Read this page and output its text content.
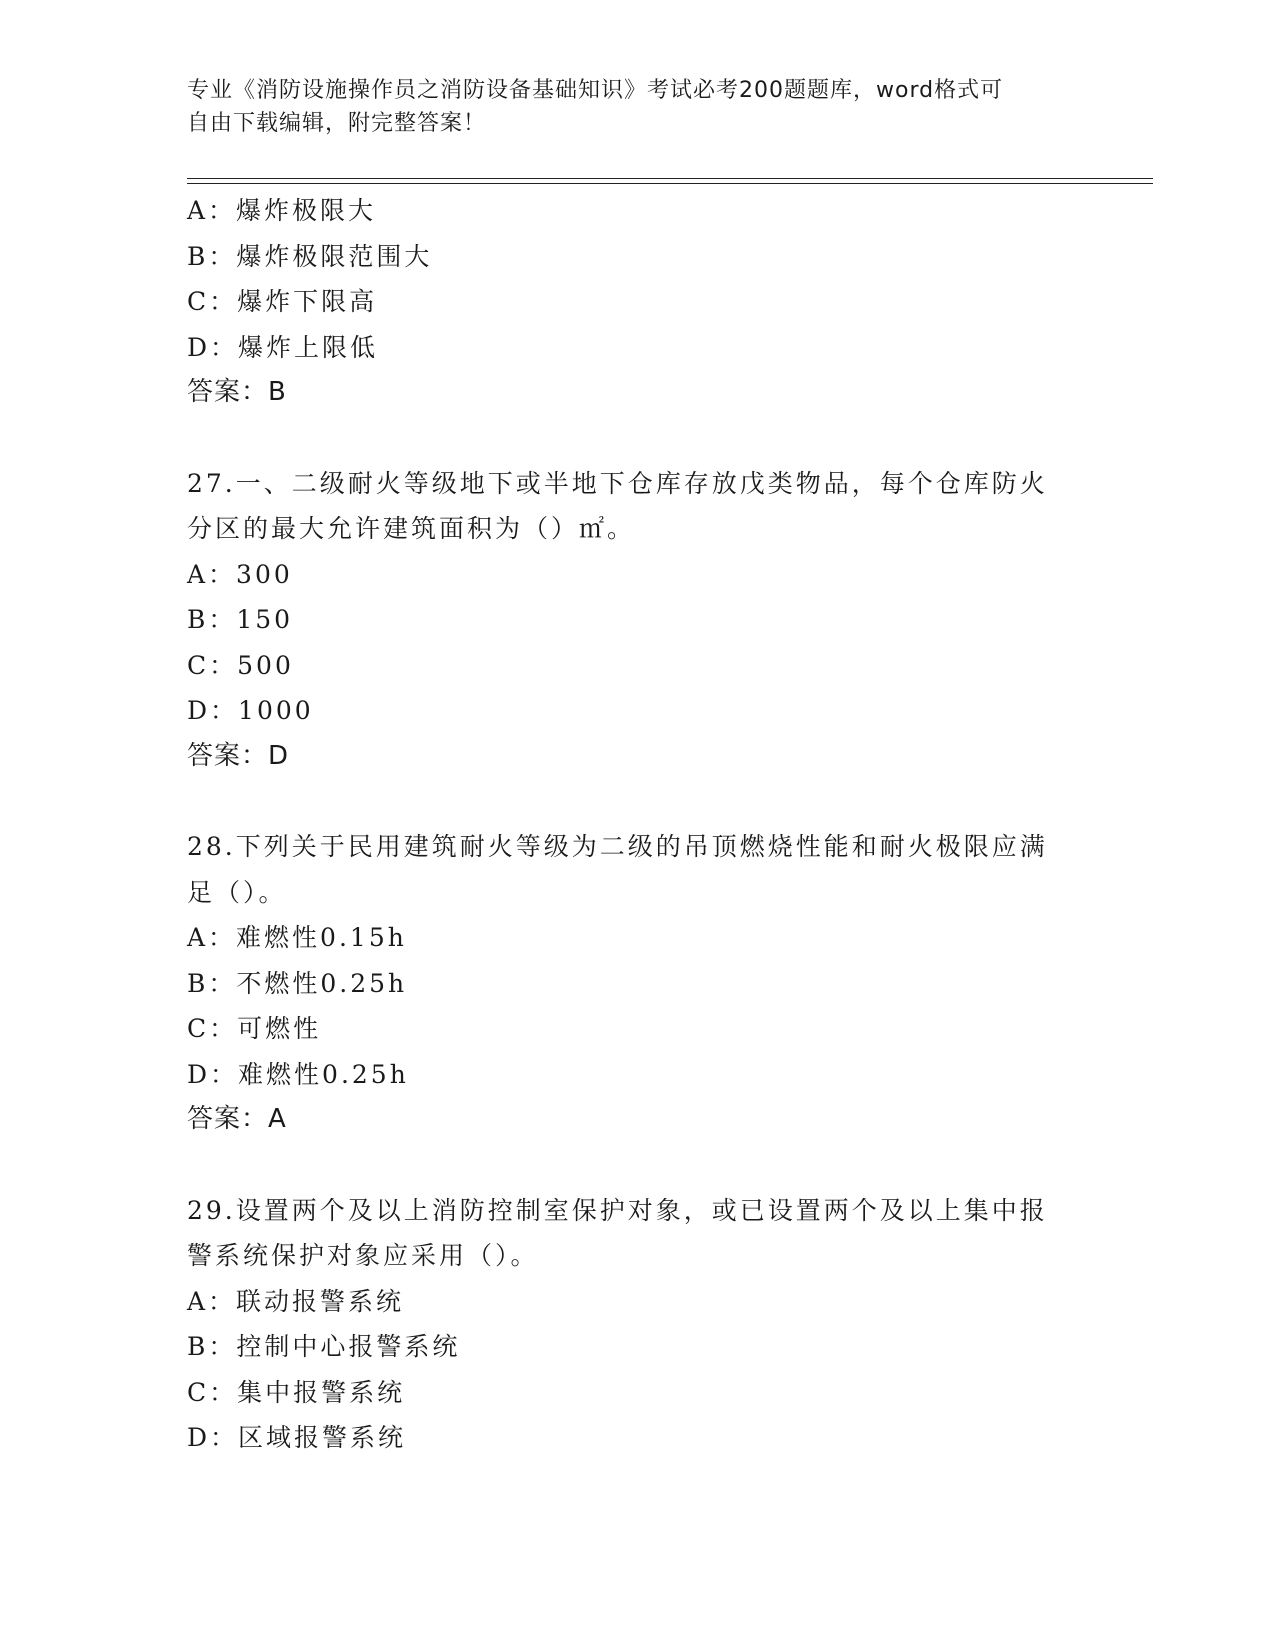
专业《消防设施操作员之消防设备基础知识》考试必考200题题库，word格式可
自由下载编辑，附完整答案！
A：爆炸极限大
B：爆炸极限范围大
C：爆炸下限高
D：爆炸上限低
答案：B
27.一、二级耐火等级地下或半地下仓库存放戊类物品，每个仓库防火
分区的最大允许建筑面积为（）㎡。
A：300
B：150
C：500
D：1000
答案：D
28.下列关于民用建筑耐火等级为二级的吊顶燃烧性能和耐火极限应满
足（）。
A：难燃性0.15h
B：不燃性0.25h
C：可燃性
D：难燃性0.25h
答案：A
29.设置两个及以上消防控制室保护对象，或已设置两个及以上集中报
警系统保护对象应采用（）。
A：联动报警系统
B：控制中心报警系统
C：集中报警系统
D：区域报警系统
